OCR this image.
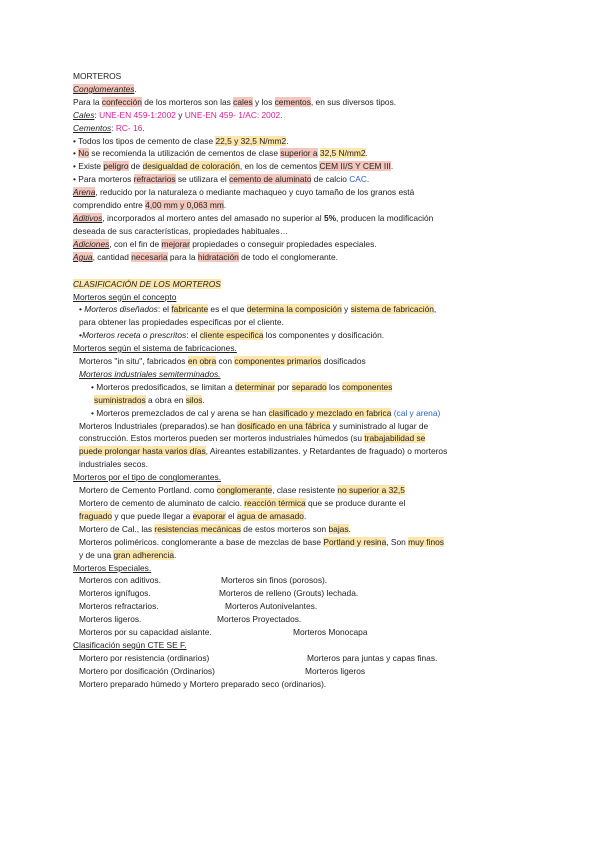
MORTEROS
Conglomerantes.
Para la confección de los morteros son las cales y los cementos, en sus diversos tipos.
Cales: UNE-EN 459-1:2002 y UNE-EN 459- 1/AC: 2002.
Cementos: RC- 16.
• Todos los tipos de cemento de clase 22,5 y 32,5 N/mm2.
• No se recomienda la utilización de cementos de clase superior a 32,5 N/mm2.
• Existe peligro de desigualdad de coloración, en los de cementos CEM II/S Y CEM III.
• Para morteros refractarios se utilizara el cemento de aluminato de calcio CAC.
Arena, reducido por la naturaleza o mediante machaqueo y cuyo tamaño de los granos está
comprendido entre 4,00 mm y 0,063 mm.
Aditivos, incorporados al mortero antes del amasado no superior al 5%, producen la modificación
deseada de sus características, propiedades habituales…
Adiciones, con el fin de mejorar propiedades o conseguir propiedades especiales.
Agua, cantidad necesaria para la hidratación de todo el conglomerante.
CLASIFICACIÓN DE LOS MORTEROS
Morteros según el concepto
• Morteros diseñados: el fabricante es el que determina la composición y sistema de fabricación,
para obtener las propiedades especificas por el cliente.
•Morteros receta o prescritos: el cliente especifica los componentes y dosificación.
Morteros según el sistema de fabricaciones.
Morteros "in situ", fabricados en obra con componentes primarios dosificados
Morteros industriales semiterminados.
• Morteros predosificados, se limitan a determinar por separado los componentes
suministrados a obra en silos.
• Morteros premezclados de cal y arena se han clasificado y mezclado en fabrica (cal y arena)
Morteros Industriales (preparados).se han dosificado en una fábrica y suministrado al lugar de
construcción. Estos morteros pueden ser morteros industriales húmedos (su trabajabilidad se
puede prolongar hasta varios días, Aireantes estabilizantes. y Retardantes de fraguado) o morteros
industriales secos.
Morteros por el tipo de conglomerantes.
Mortero de Cemento Portland. como conglomerante, clase resistente no superior a 32,5
Mortero de cemento de aluminato de calcio. reacción térmica que se produce durante el
fraguado y que puede llegar a evaporar el agua de amasado.
Mortero de Cal., las resistencias mecánicas de estos morteros son bajas.
Morteros poliméricos. conglomerante a base de mezclas de base Portland y resina, Son muy finos
y de una gran adherencia.
Morteros Especiales.
Morteros con aditivos.	Morteros sin finos (porosos).
Morteros ignífugos.	Morteros de relleno (Grouts) lechada.
Morteros refractarios.	Morteros Autonivelantes.
Morteros ligeros.	Morteros Proyectados.
Morteros por su capacidad aislante.	Morteros Monocapa
Clasificación según CTE SE F.
Mortero por resistencia (ordinarios)	Morteros para juntas y capas finas.
Mortero por dosificación (Ordinarios)	Morteros ligeros
Mortero preparado húmedo y Mortero preparado seco (ordinarios).
